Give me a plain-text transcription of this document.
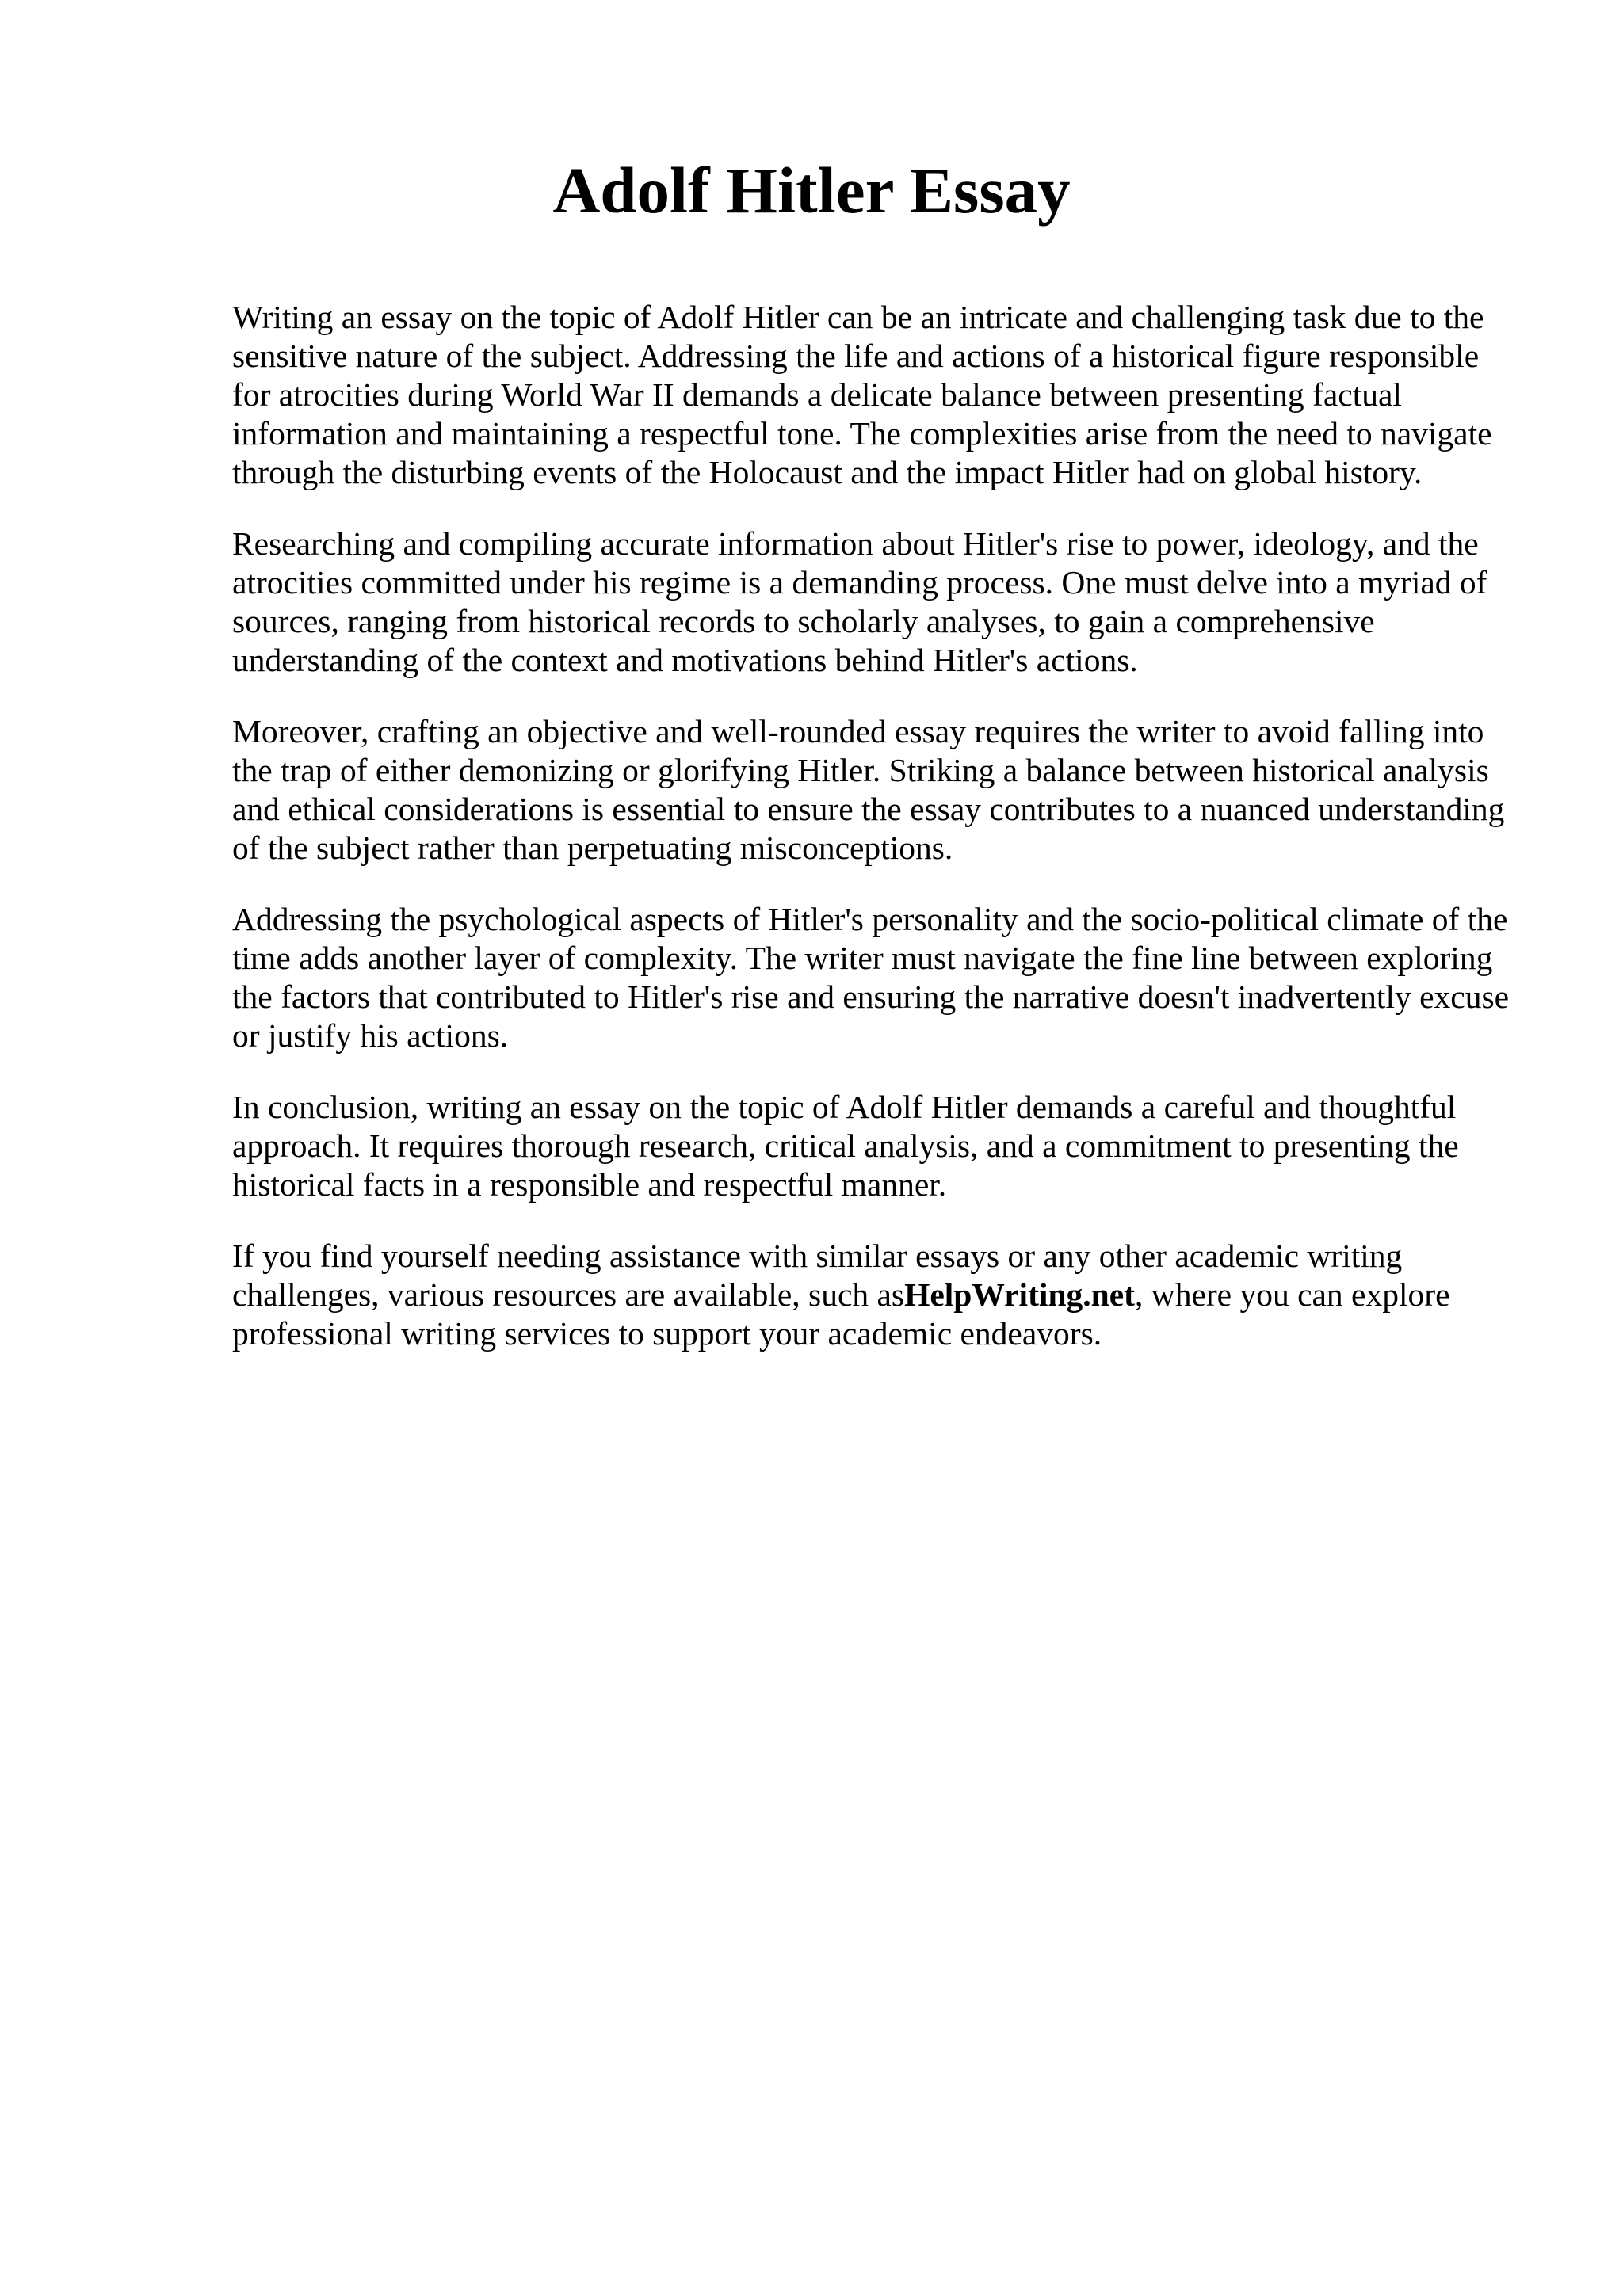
Adolf Hitler Essay

Writing an essay on the topic of Adolf Hitler can be an intricate and challenging task due to the
sensitive nature of the subject. Addressing the life and actions of a historical figure responsible
for atrocities during World War II demands a delicate balance between presenting factual
information and maintaining a respectful tone. The complexities arise from the need to navigate
through the disturbing events of the Holocaust and the impact Hitler had on global history.

Researching and compiling accurate information about Hitler's rise to power, ideology, and the
atrocities committed under his regime is a demanding process. One must delve into a myriad of
sources, ranging from historical records to scholarly analyses, to gain a comprehensive
understanding of the context and motivations behind Hitler's actions.

Moreover, crafting an objective and well-rounded essay requires the writer to avoid falling into
the trap of either demonizing or glorifying Hitler. Striking a balance between historical analysis
and ethical considerations is essential to ensure the essay contributes to a nuanced understanding
of the subject rather than perpetuating misconceptions.

Addressing the psychological aspects of Hitler's personality and the socio-political climate of the
time adds another layer of complexity. The writer must navigate the fine line between exploring
the factors that contributed to Hitler's rise and ensuring the narrative doesn't inadvertently excuse
or justify his actions.

In conclusion, writing an essay on the topic of Adolf Hitler demands a careful and thoughtful
approach. It requires thorough research, critical analysis, and a commitment to presenting the
historical facts in a responsible and respectful manner.

If you find yourself needing assistance with similar essays or any other academic writing
challenges, various resources are available, such asHelpWriting.net, where you can explore
professional writing services to support your academic endeavors.
